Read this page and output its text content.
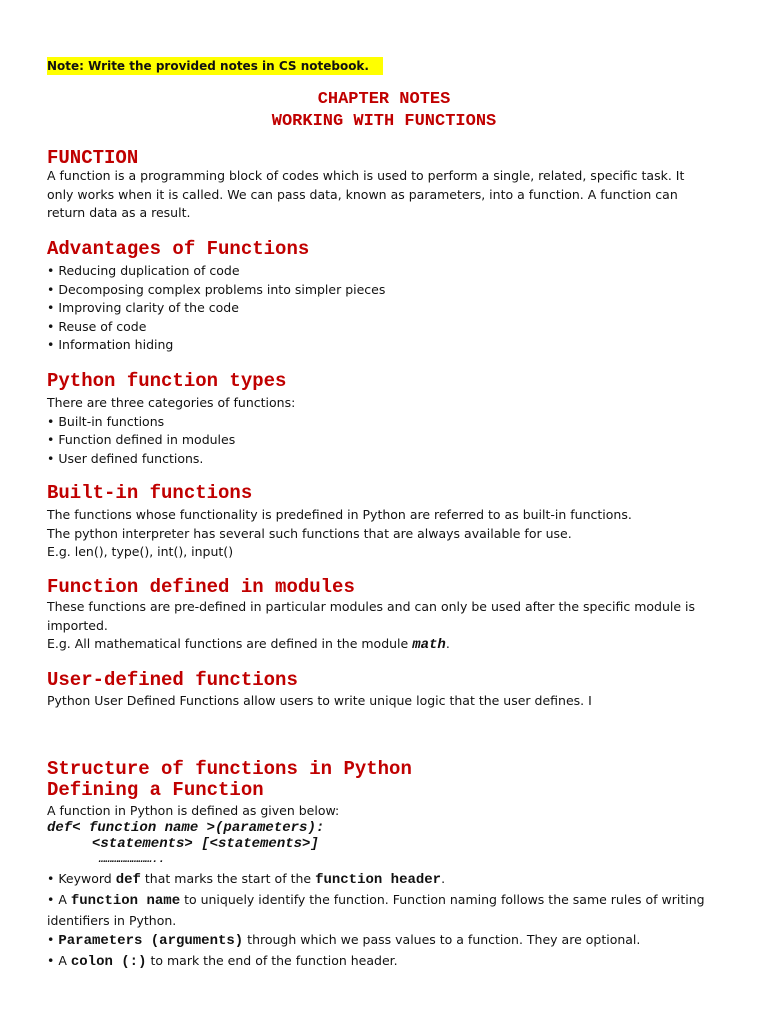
Note: Write the provided notes in CS notebook.
CHAPTER NOTES
WORKING WITH FUNCTIONS
FUNCTION

A function is a programming block of codes which is used to perform a single, related, specific task. It only works when it is called. We can pass data, known as parameters, into a function. A function can return data as a result.

Advantages of Functions
• Reducing duplication of code
• Decomposing complex problems into simpler pieces
• Improving clarity of the code
• Reuse of code
• Information hiding
Python function types
There are three categories of functions:
• Built-in functions
• Function defined in modules
• User defined functions.
Built-in functions
The functions whose functionality is predefined in Python are referred to as built-in functions.
The python interpreter has several such functions that are always available for use.
E.g. len(), type(), int(), input()
Function defined in modules
These functions are pre-defined in particular modules and can only be used after the specific module is imported.
E.g. All mathematical functions are defined in the module math.
User-defined functions

Python User Defined Functions allow users to write unique logic that the user defines. I

Structure of functions in Python
Defining a Function

A function in Python is defined as given below:

def< function name >(parameters):
<statements> [<statements>]
……………………..
• Keyword def that marks the start of the function header.
• A function name to uniquely identify the function. Function naming follows the same rules of writing identifiers in Python.
• Parameters (arguments) through which we pass values to a function. They are optional.
• A colon (:) to mark the end of the function header.
